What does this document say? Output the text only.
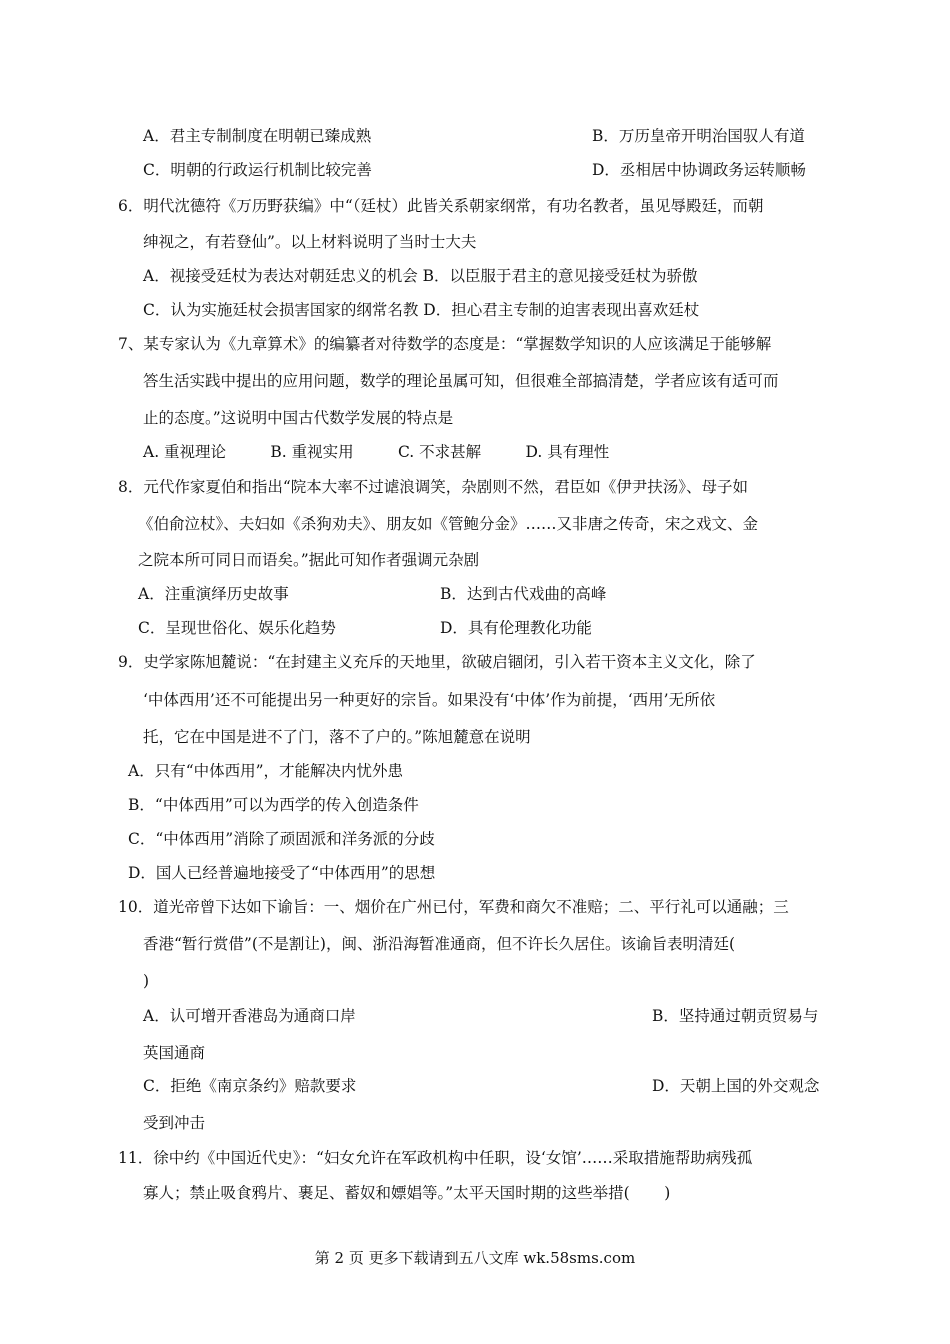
A．君主专制制度在明朝已臻成熟	B．万历皇帝开明治国驭人有道
C．明朝的行政运行机制比较完善	D．丞相居中协调政务运转顺畅
6．明代沈德符《万历野获编》中“（廷杖）此皆关系朝家纲常，有功名教者，虽见辱殿廷，而朝
绅视之，有若登仙”。以上材料说明了当时士大夫
A．视接受廷杖为表达对朝廷忠义的机会 B．以臣服于君主的意见接受廷杖为骄傲
C．认为实施廷杖会损害国家的纲常名教 D．担心君主专制的迫害表现出喜欢廷杖
7、某专家认为《九章算术》的编纂者对待数学的态度是：“掌握数学知识的人应该满足于能够解
答生活实践中提出的应用问题，数学的理论虽属可知，但很难全部搞清楚，学者应该有适可而
止的态度。”这说明中国古代数学发展的特点是
A. 重视理论         B. 重视实用         C. 不求甚解         D. 具有理性
8．元代作家夏伯和指出“院本大率不过谑浪调笑，杂剧则不然，君臣如《伊尹扶汤》、母子如
《伯俞泣杖》、夫妇如《杀狗劝夫》、朋友如《管鲍分金》……又非唐之传奇，宋之戏文、金
之院本所可同日而语矣。”据此可知作者强调元杂剧
A．注重演绎历史故事	B．达到古代戏曲的高峰
C．呈现世俗化、娱乐化趋势	D．具有伦理教化功能
9．史学家陈旭麓说：“在封建主义充斥的天地里，欲破启锢闭，引入若干资本主义文化，除了
‘中体西用’还不可能提出另一种更好的宗旨。如果没有‘中体’作为前提，‘西用’无所依
托，它在中国是进不了门，落不了户的。”陈旭麓意在说明
A．只有“中体西用”，才能解决内忧外患
B．“中体西用”可以为西学的传入创造条件
C．“中体西用”消除了顽固派和洋务派的分歧
D．国人已经普遍地接受了“中体西用”的思想
10．道光帝曾下达如下谕旨：一、烟价在广州已付，军费和商欠不准赔；二、平行礼可以通融；三
香港“暂行赏借”(不是割让)，闽、浙沿海暂准通商，但不许长久居住。该谕旨表明清廷(
)
A．认可增开香港岛为通商口岸	B．坚持通过朝贡贸易与
英国通商
C．拒绝《南京条约》赔款要求	D．天朝上国的外交观念
受到冲击
11．徐中约《中国近代史》：“妇女允许在军政机构中任职，设‘女馆’……采取措施帮助病残孤
寡人；禁止吸食鸦片、裹足、蓄奴和嫖娼等。”太平天国时期的这些举措(       )
第 2 页 更多下载请到五八文库 wk.58sms.com
